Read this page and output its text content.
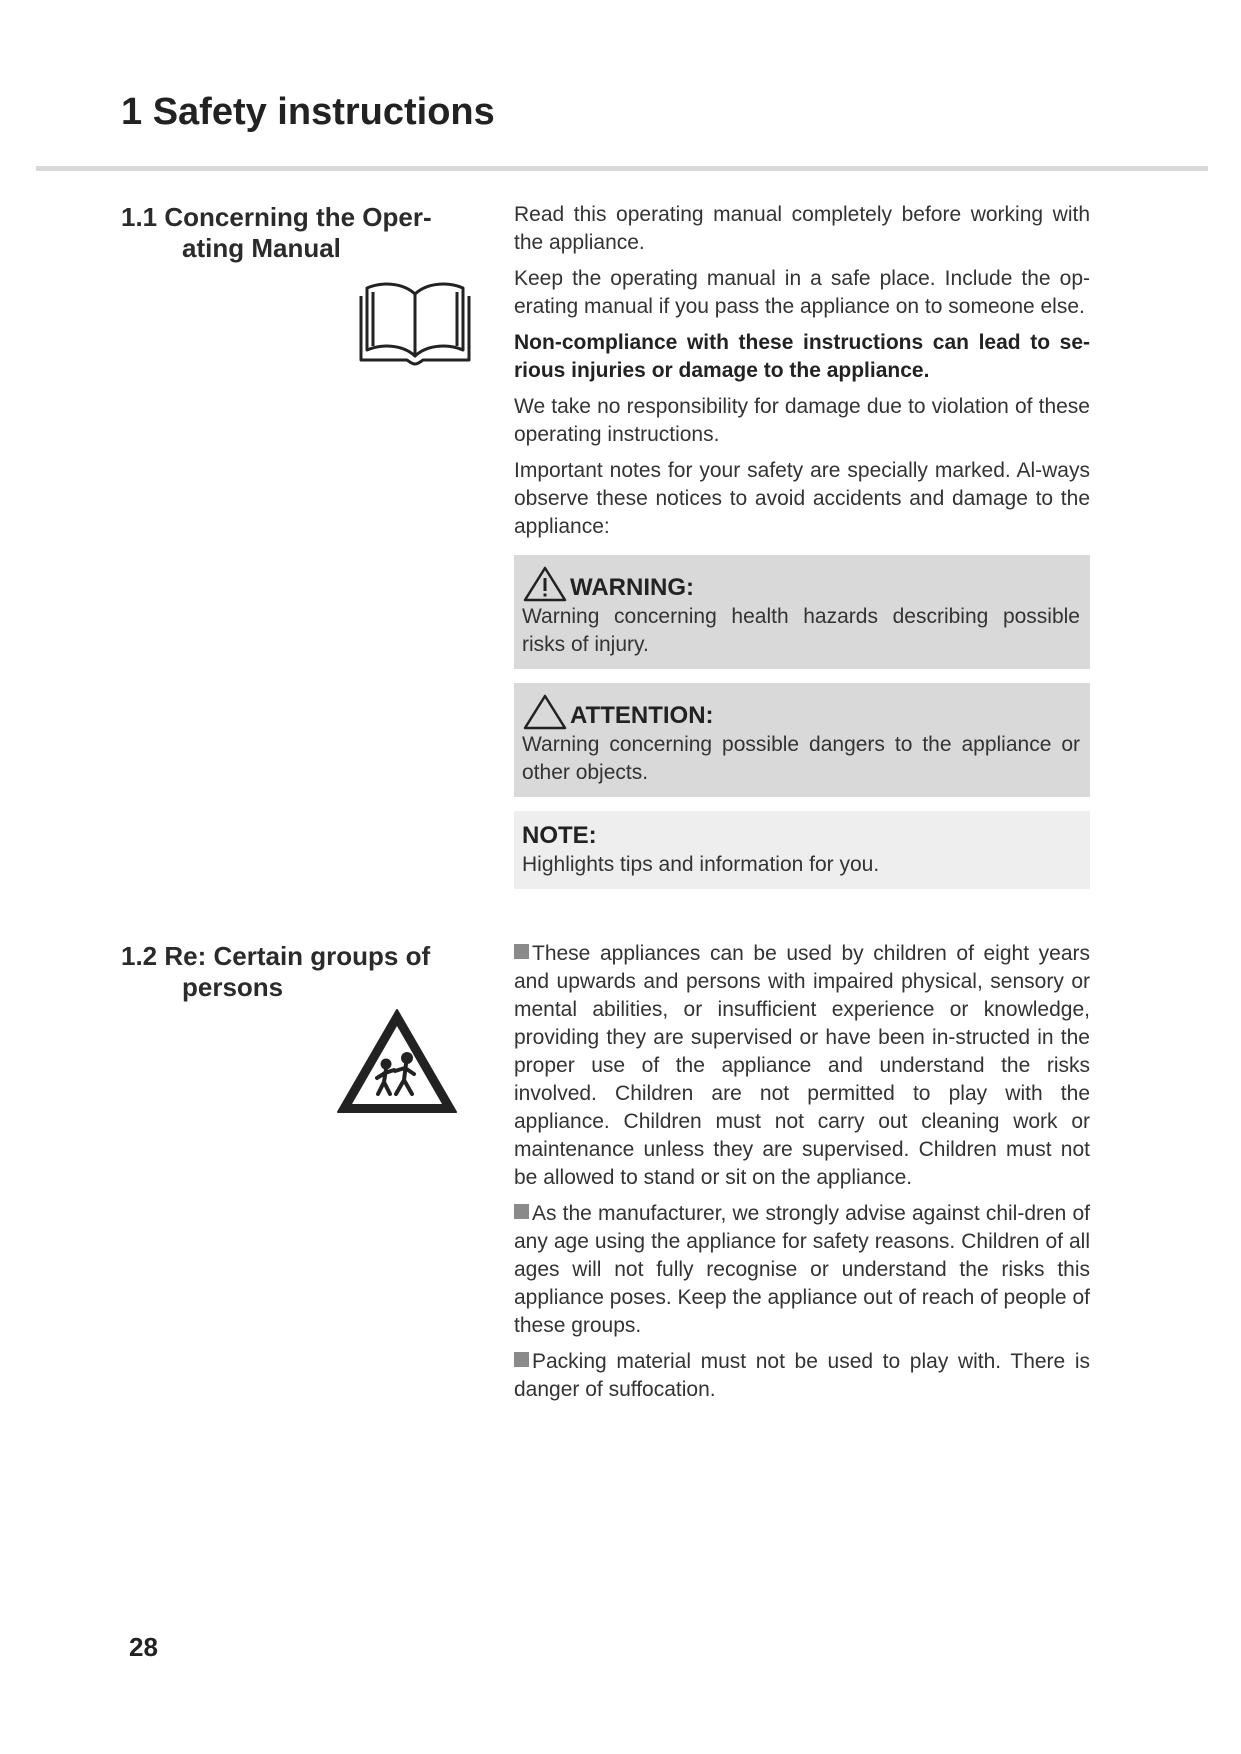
1 Safety instructions
1.1 Concerning the Oper-
ating Manual

Read this operating manual completely before working with the appliance.

Keep the operating manual in a safe place. Include the op-erating manual if you pass the appliance on to someone else.

Non-compliance with these instructions can lead to se-rious injuries or damage to the appliance.

We take no responsibility for damage due to violation of these operating instructions.

Important notes for your safety are specially marked. Al-ways observe these notices to avoid accidents and damage to the appliance:

WARNING:

Warning concerning health hazards describing possible risks of injury.

ATTENTION:

Warning concerning possible dangers to the appliance or other objects.

NOTE:

Highlights tips and information for you.

1.2 Re: Certain groups of
persons

These appliances can be used by children of eight years and upwards and persons with impaired physical, sensory or mental abilities, or insufficient experience or knowledge, providing they are supervised or have been in-structed in the proper use of the appliance and understand the risks involved. Children are not permitted to play with the appliance. Children must not carry out cleaning work or maintenance unless they are supervised. Children must not be allowed to stand or sit on the appliance.

As the manufacturer, we strongly advise against chil-dren of any age using the appliance for safety reasons. Children of all ages will not fully recognise or understand the risks this appliance poses. Keep the appliance out of reach of people of these groups.

Packing material must not be used to play with. There is danger of suffocation.

28
